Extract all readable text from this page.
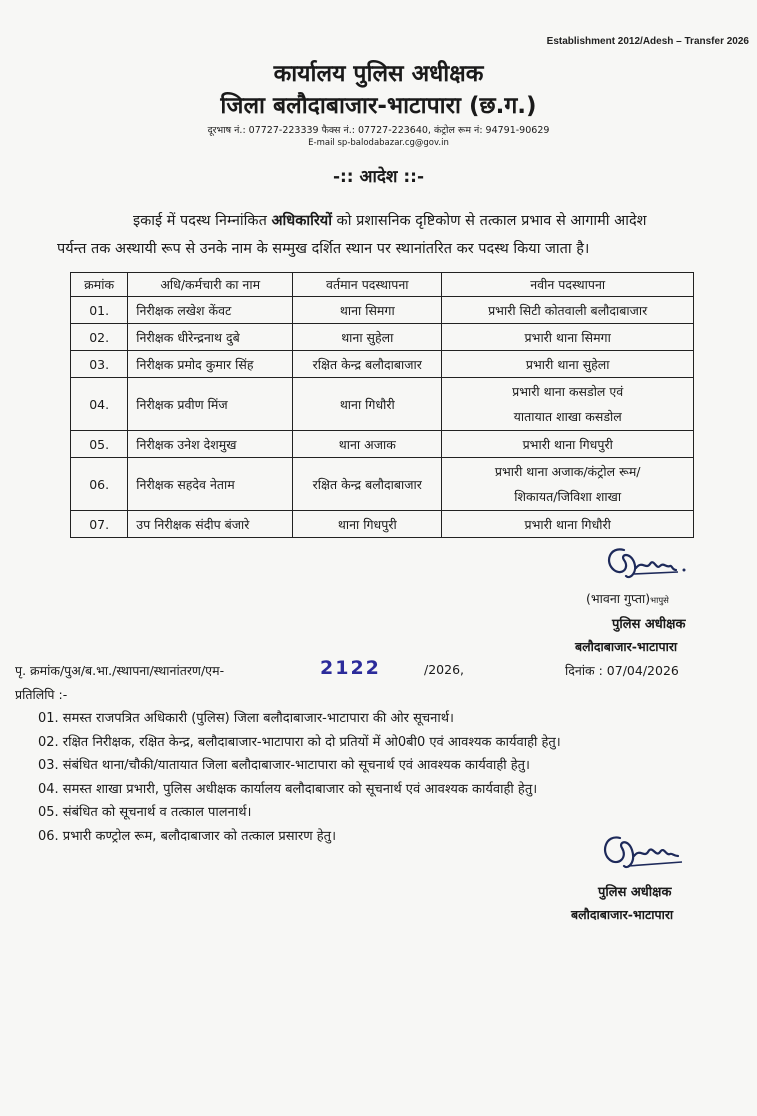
Establishment 2012/Adesh – Transfer 2026
कार्यालय पुलिस अधीक्षक
जिला बलौदाबाजार-भाटापारा (छ.ग.)
दूरभाष नं.: 07727-223339 फैक्स नं.: 07727-223640, कंट्रोल रूम नं: 94791-90629
E-mail sp-balodabazar.cg@gov.in
-:: आदेश ::-
इकाई में पदस्थ निम्नांकित अधिकारियों को प्रशासनिक दृष्टिकोण से तत्काल प्रभाव से आगामी आदेश
पर्यन्त तक अस्थायी रूप से उनके नाम के सम्मुख दर्शित स्थान पर स्थानांतरित कर पदस्थ किया जाता है।
क्रमांक	अधि/कर्मचारी का नाम	वर्तमान पदस्थापना	नवीन पदस्थापना
01.	निरीक्षक लखेश केंवट	थाना सिमगा	प्रभारी सिटी कोतवाली बलौदाबाजार
02.	निरीक्षक धीरेन्द्रनाथ दुबे	थाना सुहेला	प्रभारी थाना सिमगा
03.	निरीक्षक प्रमोद कुमार सिंह	रक्षित केन्द्र बलौदाबाजार	प्रभारी थाना सुहेला
04.	निरीक्षक प्रवीण मिंज	थाना गिधौरी	प्रभारी थाना कसडोल एवं
यातायात शाखा कसडोल

05.	निरीक्षक उनेश देशमुख	थाना अजाक	प्रभारी थाना गिधपुरी
06.	निरीक्षक सहदेव नेताम	रक्षित केन्द्र बलौदाबाजार	प्रभारी थाना अजाक/कंट्रोल रूम/
शिकायत/जिविशा शाखा

07.	उप निरीक्षक संदीप बंजारे	थाना गिधपुरी	प्रभारी थाना गिधौरी
(भावना गुप्ता)भापुसे
पुलिस अधीक्षक
बलौदाबाजार-भाटापारा
पृ. क्रमांक/पुअ/ब.भा./स्थापना/स्थानांतरण/एम-	2122	/2026,	दिनांक : 07/04/2026
प्रतिलिपि :-
01. समस्त राजपत्रित अधिकारी (पुलिस) जिला बलौदाबाजार-भाटापारा की ओर सूचनार्थ।
02. रक्षित निरीक्षक, रक्षित केन्द्र, बलौदाबाजार-भाटापारा को दो प्रतियों में ओ0बी0 एवं आवश्यक कार्यवाही हेतु।
03. संबंधित थाना/चौकी/यातायात जिला बलौदाबाजार-भाटापारा को सूचनार्थ एवं आवश्यक कार्यवाही हेतु।
04. समस्त शाखा प्रभारी, पुलिस अधीक्षक कार्यालय बलौदाबाजार को सूचनार्थ एवं आवश्यक कार्यवाही हेतु।
05. संबंधित को सूचनार्थ व तत्काल पालनार्थ।
06. प्रभारी कण्ट्रोल रूम, बलौदाबाजार को तत्काल प्रसारण हेतु।
पुलिस अधीक्षक
बलौदाबाजार-भाटापारा
